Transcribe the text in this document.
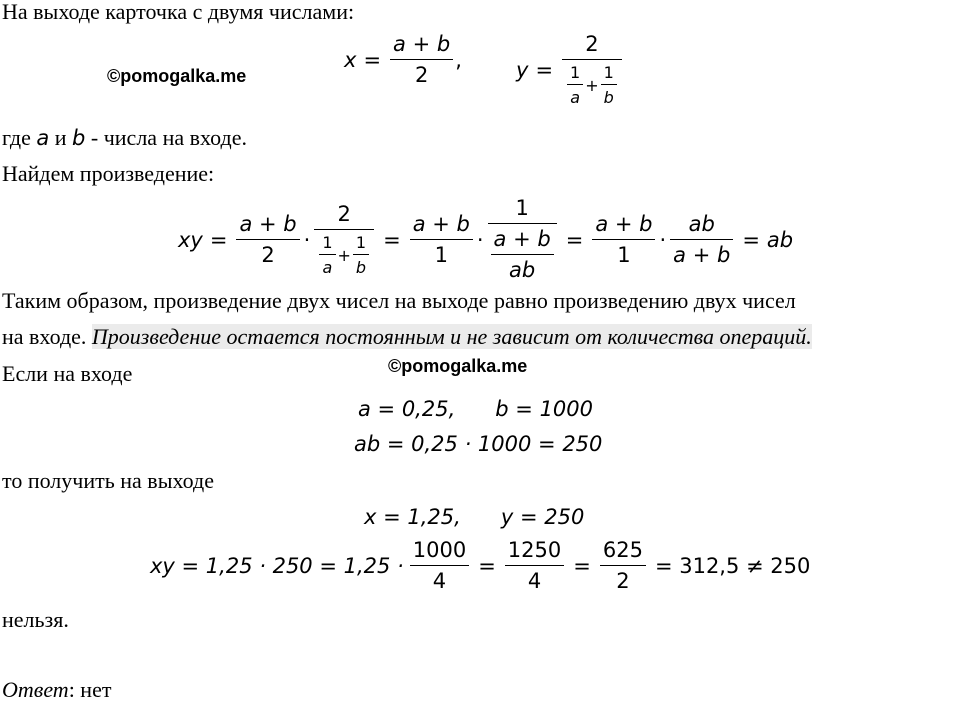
На выходе карточка с двумя числами:
©pomogalka.me
$x = \frac{a + b}{2}$ ,	$y = \frac{2}{\frac{1}{a} + \frac{1}{b}}$
где a и b - числа на входе.
Найдем произведение:
xy = $\frac{a + b}{2} \cdot \frac{2}{\frac{1}{a} + \frac{1}{b}} = \frac{a + b}{1} \cdot \frac{1}{\frac{a + b}{ab}} = \frac{a + b}{1} \cdot \frac{ab}{a + b}$ = ab
Таким образом, произведение двух чисел на выходе равно произведению двух чисел
на входе. Произведение остается постоянным и не зависит от количества операций.
©pomogalka.me
Если на входе
a = 0,25,      b = 1000
ab = 0,25 · 1000 = 250
то получить на выходе
x = 1,25,      y = 250
xy = $1,25 \cdot 250 = 1,25 \cdot \frac{1000}{4} = \frac{1250}{4} = \frac{625}{2} = 312,5 \ne 250$
нельзя.
Ответ: нет
